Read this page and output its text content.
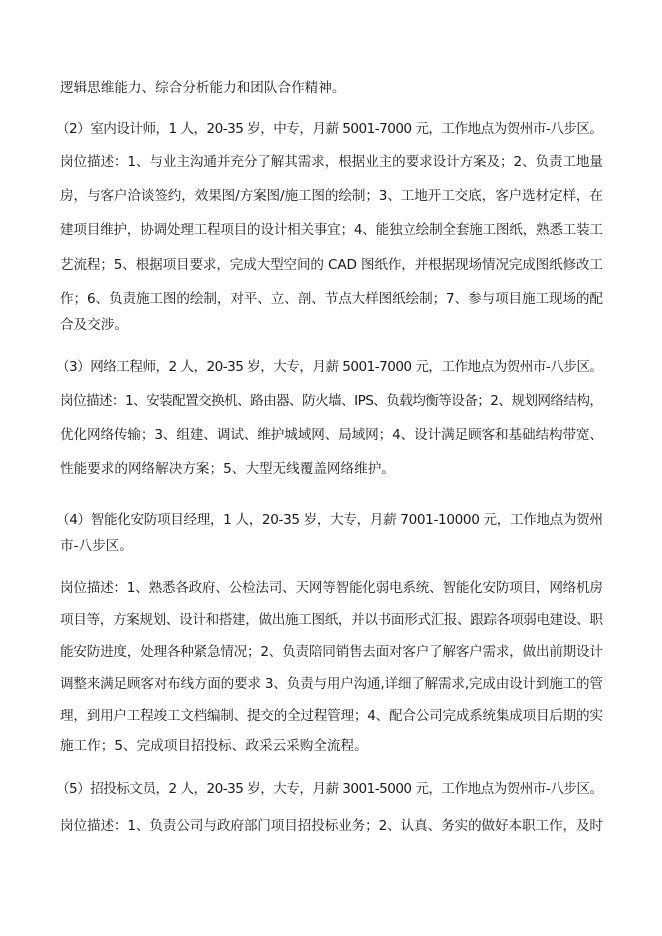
逻辑思维能力、综合分析能力和团队合作精神。

（2）室内设计师，1 人，20-35 岁，中专，月薪 5001-7000 元，工作地点为贺州市-八步区。

岗位描述：1、与业主沟通并充分了解其需求，根据业主的要求设计方案及；2、负责工地量

房，与客户洽谈签约，效果图/方案图/施工图的绘制；3、工地开工交底，客户选材定样，在

建项目维护，协调处理工程项目的设计相关事宜；4、能独立绘制全套施工图纸，熟悉工装工

艺流程；5、根据项目要求，完成大型空间的 CAD 图纸作，并根据现场情况完成图纸修改工

作；6、负责施工图的绘制，对平、立、剖、节点大样图纸绘制；7、参与项目施工现场的配

合及交涉。

（3）网络工程师，2 人，20-35 岁，大专，月薪 5001-7000 元，工作地点为贺州市-八步区。

岗位描述：1、安装配置交换机、路由器、防火墙、IPS、负载均衡等设备；2、规划网络结构，

优化网络传输；3、组建、调试、维护城域网、局域网；4、设计满足顾客和基础结构带宽、

性能要求的网络解决方案；5、大型无线覆盖网络维护。

（4）智能化安防项目经理，1 人，20-35 岁，大专，月薪 7001-10000 元，工作地点为贺州

市-八步区。

岗位描述：1、熟悉各政府、公检法司、天网等智能化弱电系统、智能化安防项目，网络机房

项目等，方案规划、设计和搭建，做出施工图纸，并以书面形式汇报、跟踪各项弱电建设、职

能安防进度，处理各种紧急情况；2、负责陪同销售去面对客户了解客户需求，做出前期设计

调整来满足顾客对布线方面的要求 3、负责与用户沟通,详细了解需求,完成由设计到施工的管

理，到用户工程竣工文档编制、提交的全过程管理；4、配合公司完成系统集成项目后期的实

施工作；5、完成项目招投标、政采云采购全流程。

（5）招投标文员，2 人，20-35 岁，大专，月薪 3001-5000 元，工作地点为贺州市-八步区。

岗位描述：1、负责公司与政府部门项目招投标业务；2、认真、务实的做好本职工作，及时
